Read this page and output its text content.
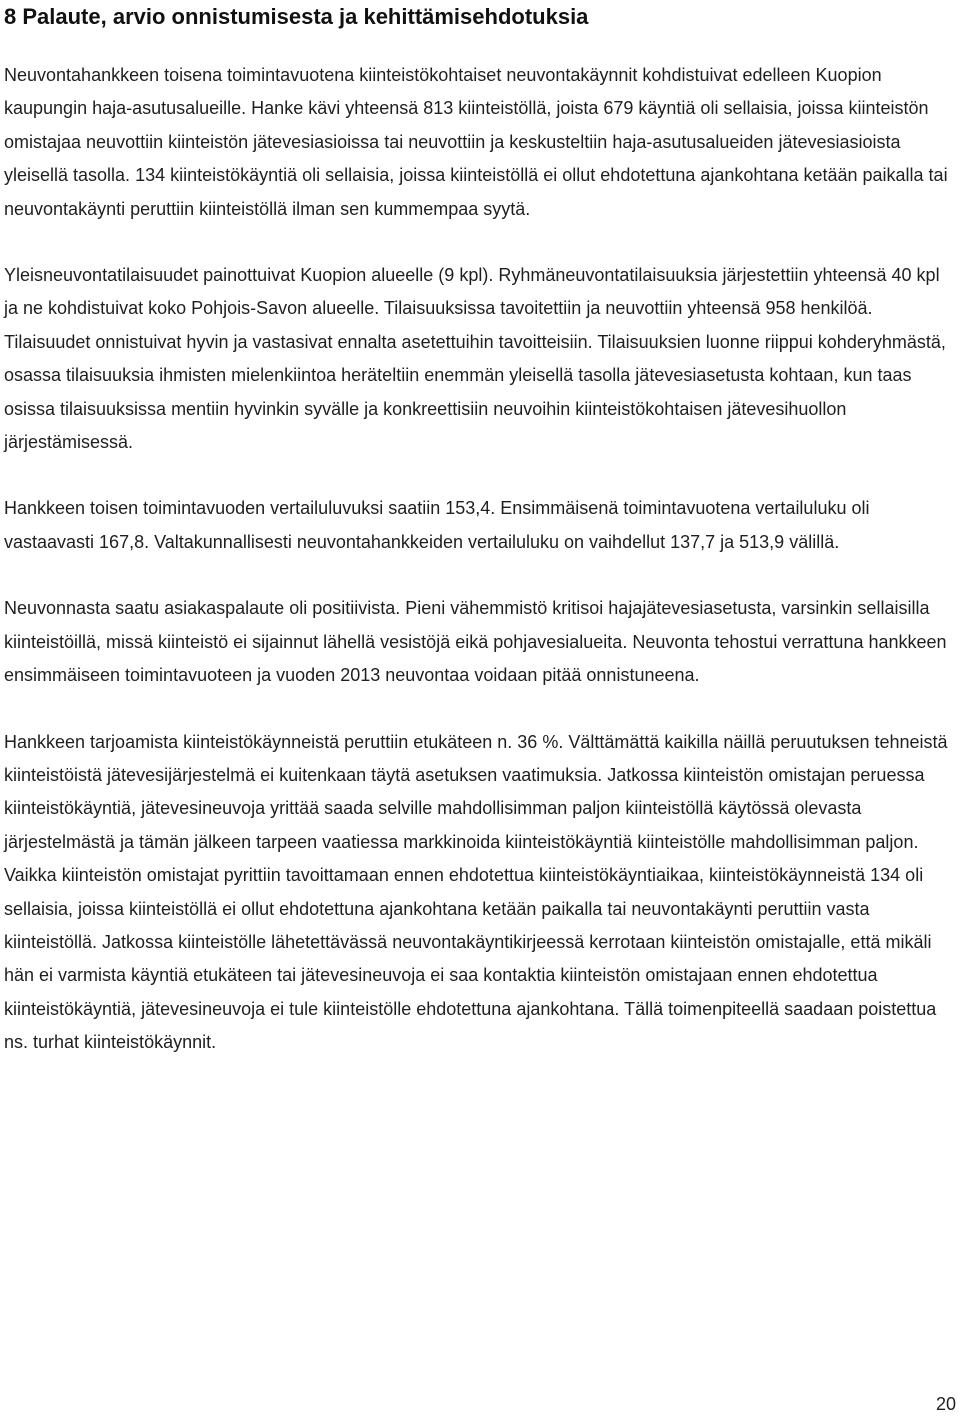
8 Palaute, arvio onnistumisesta ja kehittämisehdotuksia

Neuvontahankkeen toisena toimintavuotena kiinteistökohtaiset neuvontakäynnit kohdistuivat edelleen Kuopion kaupungin haja-asutusalueille. Hanke kävi yhteensä 813 kiinteistöllä, joista 679 käyntiä oli sellaisia, joissa kiinteistön omistajaa neuvottiin kiinteistön jätevesiasioissa tai neuvottiin ja keskusteltiin haja-asutusalueiden jätevesiasioista yleisellä tasolla. 134 kiinteistökäyntiä oli sellaisia, joissa kiinteistöllä ei ollut ehdotettuna ajankohtana ketään paikalla tai neuvontakäynti peruttiin kiinteistöllä ilman sen kummempaa syytä.

Yleisneuvontatilaisuudet painottuivat Kuopion alueelle (9 kpl). Ryhmäneuvontatilaisuuksia järjestettiin yhteensä 40 kpl ja ne kohdistuivat koko Pohjois-Savon alueelle. Tilaisuuksissa tavoitettiin ja neuvottiin yhteensä 958 henkilöä. Tilaisuudet onnistuivat hyvin ja vastasivat ennalta asetettuihin tavoitteisiin. Tilaisuuksien luonne riippui kohderyhmästä, osassa tilaisuuksia ihmisten mielenkiintoa heräteltiin enemmän yleisellä tasolla jätevesiasetusta kohtaan, kun taas osissa tilaisuuksissa mentiin hyvinkin syvälle ja konkreettisiin neuvoihin kiinteistökohtaisen jätevesihuollon järjestämisessä.

Hankkeen toisen toimintavuoden vertailuluvuksi saatiin 153,4. Ensimmäisenä toimintavuotena vertailuluku oli vastaavasti 167,8. Valtakunnallisesti neuvontahankkeiden vertailuluku on vaihdellut 137,7 ja 513,9 välillä.

Neuvonnasta saatu asiakaspalaute oli positiivista. Pieni vähemmistö kritisoi hajajätevesiasetusta, varsinkin sellaisilla kiinteistöillä, missä kiinteistö ei sijainnut lähellä vesistöjä eikä pohjavesialueita. Neuvonta tehostui verrattuna hankkeen ensimmäiseen toimintavuoteen ja vuoden 2013 neuvontaa voidaan pitää onnistuneena.

Hankkeen tarjoamista kiinteistökäynneistä peruttiin etukäteen n. 36 %. Välttämättä kaikilla näillä peruutuksen tehneistä kiinteistöistä jätevesijärjestelmä ei kuitenkaan täytä asetuksen vaatimuksia. Jatkossa kiinteistön omistajan peruessa kiinteistökäyntiä, jätevesineuvoja yrittää saada selville mahdollisimman paljon kiinteistöllä käytössä olevasta järjestelmästä ja tämän jälkeen tarpeen vaatiessa markkinoida kiinteistökäyntiä kiinteistölle mahdollisimman paljon. Vaikka kiinteistön omistajat pyrittiin tavoittamaan ennen ehdotettua kiinteistökäyntiaikaa, kiinteistökäynneistä 134 oli sellaisia, joissa kiinteistöllä ei ollut ehdotettuna ajankohtana ketään paikalla tai neuvontakäynti peruttiin vasta kiinteistöllä. Jatkossa kiinteistölle lähetettävässä neuvontakäyntikirjeessä kerrotaan kiinteistön omistajalle, että mikäli hän ei varmista käyntiä etukäteen tai jätevesineuvoja ei saa kontaktia kiinteistön omistajaan ennen ehdotettua kiinteistökäyntiä, jätevesineuvoja ei tule kiinteistölle ehdotettuna ajankohtana. Tällä toimenpiteellä saadaan poistettua ns. turhat kiinteistökäynnit.

20
